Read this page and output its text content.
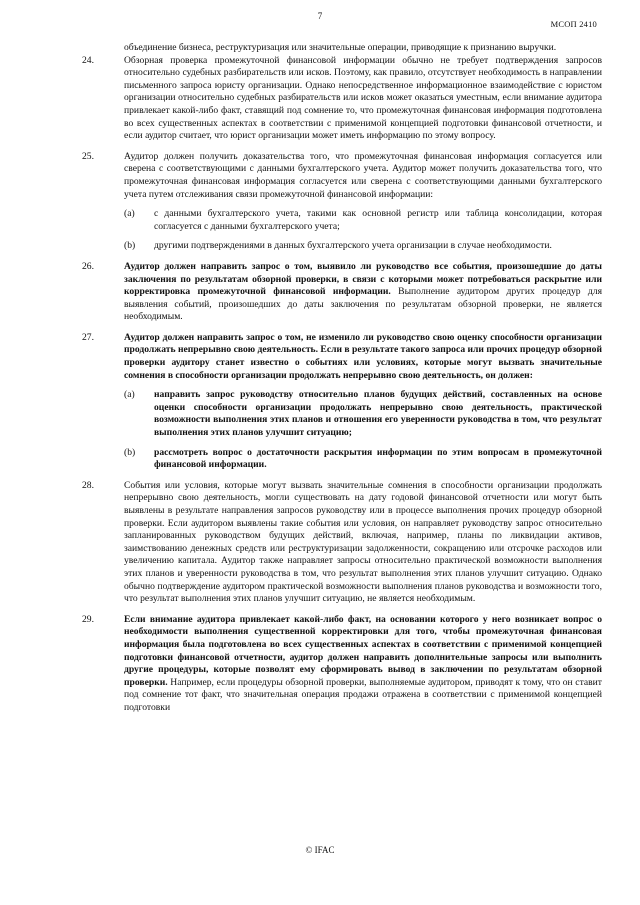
7
МСОП 2410

объединение бизнеса, реструктуризация или значительные операции, приводящие к признанию выручки.

24.	Обзорная проверка промежуточной финансовой информации обычно не требует подтверждения запросов относительно судебных разбирательств или исков. Поэтому, как правило, отсутствует необходимость в направлении письменного запроса юристу организации. Однако непосредственное информационное взаимодействие с юристом организации относительно судебных разбирательств или исков может оказаться уместным, если внимание аудитора привлекает какой-либо факт, ставящий под сомнение то, что промежуточная финансовая информация подготовлена во всех существенных аспектах в соответствии с применимой концепцией подготовки финансовой отчетности, и если аудитор считает, что юрист организации может иметь информацию по этому вопросу.

25.	Аудитор должен получить доказательства того, что промежуточная финансовая информация согласуется или сверена с соответствующими с данными бухгалтерского учета. Аудитор может получить доказательства того, что промежуточная финансовая информация согласуется или сверена с соответствующими данными бухгалтерского учета путем отслеживания связи промежуточной финансовой информации:

(a) с данными бухгалтерского учета, такими как основной регистр или таблица консолидации, которая согласуется с данными бухгалтерского учета;

(b) другими подтверждениями в данных бухгалтерского учета организации в случае необходимости.

26.	Аудитор должен направить запрос о том, выявило ли руководство все события, произошедшие до даты заключения по результатам обзорной проверки, в связи с которыми может потребоваться раскрытие или корректировка промежуточной финансовой информации. Выполнение аудитором других процедур для выявления событий, произошедших до даты заключения по результатам обзорной проверки, не является необходимым.

27.	Аудитор должен направить запрос о том, не изменило ли руководство свою оценку способности организации продолжать непрерывно свою деятельность. Если в результате такого запроса или прочих процедур обзорной проверки аудитору станет известно о событиях или условиях, которые могут вызвать значительные сомнения в способности организации продолжать непрерывно свою деятельность, он должен:

(a) направить запрос руководству относительно планов будущих действий, составленных на основе оценки способности организации продолжать непрерывно свою деятельность, практической возможности выполнения этих планов и отношения его уверенности руководства в том, что результат выполнения этих планов улучшит ситуацию;

(b) рассмотреть вопрос о достаточности раскрытия информации по этим вопросам в промежуточной финансовой информации.

28.	События или условия, которые могут вызвать значительные сомнения в способности организации продолжать непрерывно свою деятельность, могли существовать на дату годовой финансовой отчетности или могут быть выявлены в результате направления запросов руководству или в процессе выполнения прочих процедур обзорной проверки. Если аудитором выявлены такие события или условия, он направляет руководству запрос относительно запланированных руководством будущих действий, включая, например, планы по ликвидации активов, заимствованию денежных средств или реструктуризации задолженности, сокращению или отсрочке расходов или увеличению капитала. Аудитор также направляет запросы относительно практической возможности выполнения этих планов и уверенности руководства в том, что результат выполнения этих планов улучшит ситуацию. Однако обычно подтверждение аудитором практической возможности выполнения планов руководства и возможности того, что результат выполнения этих планов улучшит ситуацию, не является необходимым.

29.	Если внимание аудитора привлекает какой-либо факт, на основании которого у него возникает вопрос о необходимости выполнения существенной корректировки для того, чтобы промежуточная финансовая информация была подготовлена во всех существенных аспектах в соответствии с применимой концепцией подготовки финансовой отчетности, аудитор должен направить дополнительные запросы или выполнить другие процедуры, которые позволят ему сформировать вывод в заключении по результатам обзорной проверки. Например, если процедуры обзорной проверки, выполняемые аудитором, приводят к тому, что он ставит под сомнение тот факт, что значительная операция продажи отражена в соответствии с применимой концепцией подготовки

© IFAC
